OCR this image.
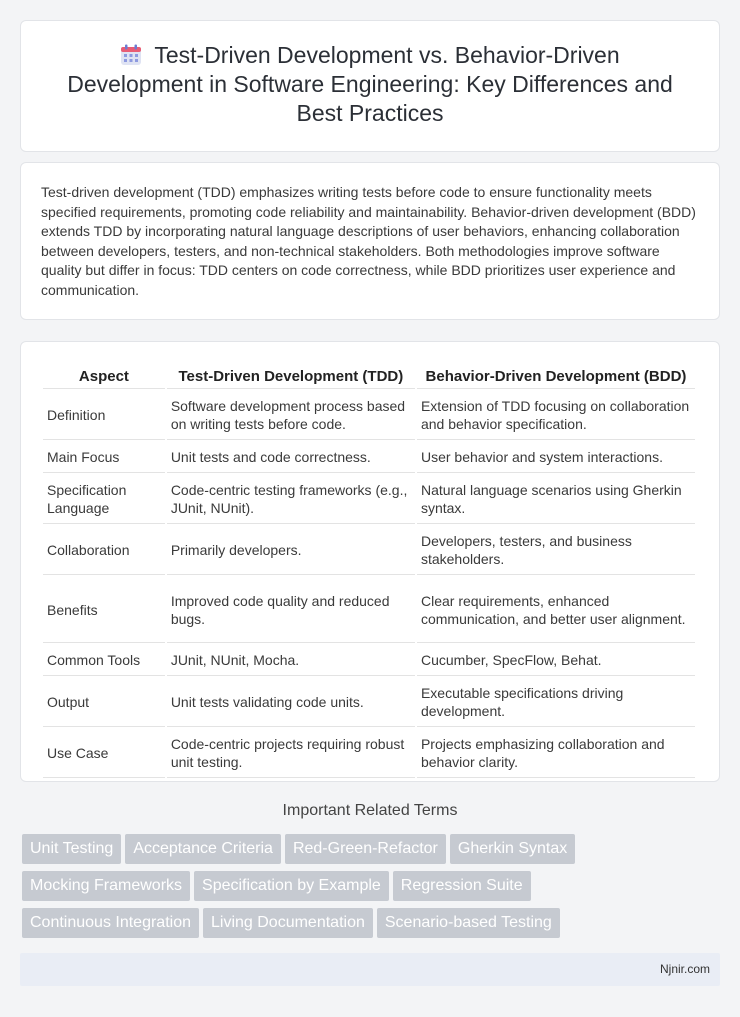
Test-Driven Development vs. Behavior-Driven Development in Software Engineering: Key Differences and Best Practices

Test-driven development (TDD) emphasizes writing tests before code to ensure functionality meets specified requirements, promoting code reliability and maintainability. Behavior-driven development (BDD) extends TDD by incorporating natural language descriptions of user behaviors, enhancing collaboration between developers, testers, and non-technical stakeholders. Both methodologies improve software quality but differ in focus: TDD centers on code correctness, while BDD prioritizes user experience and communication.

Aspect	Test-Driven Development (TDD)	Behavior-Driven Development (BDD)
Definition	Software development process based on writing tests before code.	Extension of TDD focusing on collaboration and behavior specification.
Main Focus	Unit tests and code correctness.	User behavior and system interactions.
Specification Language	Code-centric testing frameworks (e.g., JUnit, NUnit).	Natural language scenarios using Gherkin syntax.
Collaboration	Primarily developers.	Developers, testers, and business stakeholders.
Benefits	Improved code quality and reduced bugs.	Clear requirements, enhanced communication, and better user alignment.
Common Tools	JUnit, NUnit, Mocha.	Cucumber, SpecFlow, Behat.
Output	Unit tests validating code units.	Executable specifications driving development.
Use Case	Code-centric projects requiring robust unit testing.	Projects emphasizing collaboration and behavior clarity.
Important Related Terms
Unit Testing Acceptance Criteria Red-Green-Refactor Gherkin Syntax
Mocking Frameworks Specification by Example Regression Suite
Continuous Integration Living Documentation Scenario-based Testing
Njnir.com
